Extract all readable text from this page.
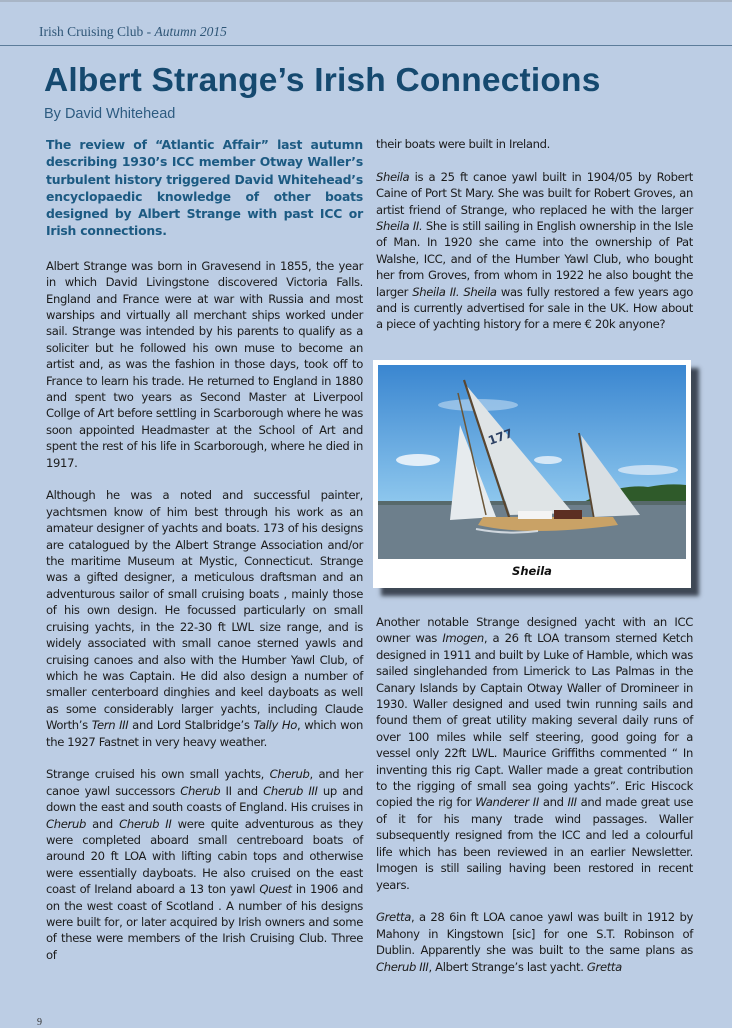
Irish Cruising Club - Autumn 2015
Albert Strange’s Irish Connections
By David Whitehead

The review of “Atlantic Affair” last autumn describing 1930’s ICC member Otway Waller’s turbulent history triggered David Whitehead’s encyclopaedic knowledge of other boats designed by Albert Strange with past ICC or Irish connections.

Albert Strange was born in Gravesend in 1855, the year in which David Livingstone discovered Victoria Falls. England and France were at war with Russia and most warships and virtually all merchant ships worked under sail. Strange was intended by his parents to qualify as a soliciter but he followed his own muse to become an artist and, as was the fashion in those days, took off to France to learn his trade. He returned to England in 1880 and spent two years as Second Master at Liverpool Collge of Art before settling in Scarborough where he was soon appointed Headmaster at the School of Art and spent the rest of his life in Scarborough, where he died in 1917.

Although he was a noted and successful painter, yachtsmen know of him best through his work as an amateur designer of yachts and boats. 173 of his designs are catalogued by the Albert Strange Association and/or the maritime Museum at Mystic, Connecticut. Strange was a gifted designer, a meticulous draftsman and an adventurous sailor of small cruising boats , mainly those of his own design. He focussed particularly on small cruising yachts, in the 22-30 ft LWL size range, and is widely associated with small canoe sterned yawls and cruising canoes and also with the Humber Yawl Club, of which he was Captain. He did also design a number of smaller centerboard dinghies and keel dayboats as well as some considerably larger yachts, including Claude Worth’s Tern III and Lord Stalbridge’s Tally Ho, which won the 1927 Fastnet in very heavy weather.

Strange cruised his own small yachts, Cherub, and her canoe yawl successors Cherub II and Cherub III up and down the east and south coasts of England. His cruises in Cherub and Cherub II were quite adventurous as they were completed aboard small centreboard boats of around 20 ft LOA with lifting cabin tops and otherwise were essentially dayboats. He also cruised on the east coast of Ireland aboard a 13 ton yawl Quest in 1906 and on the west coast of Scotland . A number of his designs were built for, or later acquired by Irish owners and some of these were members of the Irish Cruising Club. Three of

their boats were built in Ireland.

Sheila is a 25 ft canoe yawl built in 1904/05 by Robert Caine of Port St Mary. She was built for Robert Groves, an artist friend of Strange, who replaced he with the larger Sheila II. She is still sailing in English ownership in the Isle of Man. In 1920 she came into the ownership of Pat Walshe, ICC, and of the Humber Yawl Club, who bought her from Groves, from whom in 1922 he also bought the larger Sheila II. Sheila was fully restored a few years ago and is currently advertised for sale in the UK. How about a piece of yachting history for a mere € 20k anyone?

177
Sheila

Another notable Strange designed yacht with an ICC owner was Imogen, a 26 ft LOA transom sterned Ketch designed in 1911 and built by Luke of Hamble, which was sailed singlehanded from Limerick to Las Palmas in the Canary Islands by Captain Otway Waller of Dromineer in 1930. Waller designed and used twin running sails and found them of great utility making several daily runs of over 100 miles while self steering, good going for a vessel only 22ft LWL. Maurice Griffiths commented “ In inventing this rig Capt. Waller made a great contribution to the rigging of small sea going yachts”. Eric Hiscock copied the rig for Wanderer II and III and made great use of it for his many trade wind passages. Waller subsequently resigned from the ICC and led a colourful life which has been reviewed in an earlier Newsletter. Imogen is still sailing having been restored in recent years.

Gretta, a 28 6in ft LOA canoe yawl was built in 1912 by Mahony in Kingstown [sic] for one S.T. Robinson of Dublin. Apparently she was built to the same plans as Cherub III, Albert Strange’s last yacht. Gretta

9
